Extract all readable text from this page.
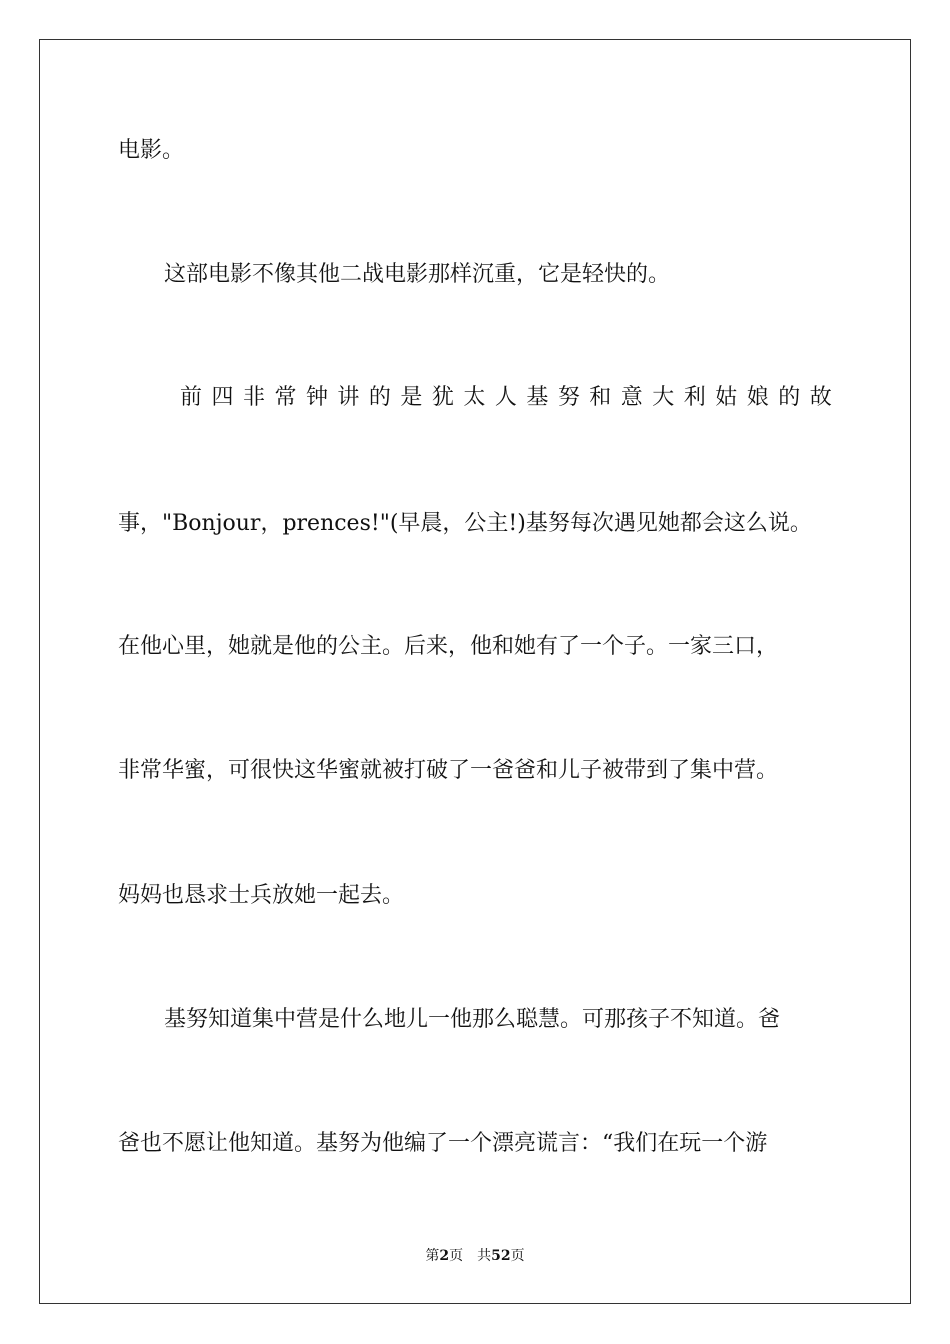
电影。
这部电影不像其他二战电影那样沉重，它是轻快的。
前 四 非 常 钟 讲 的 是 犹 太 人 基 努 和 意 大 利 姑 娘 的 故
事，"Bonjour，prences!"(早晨，公主!)基努每次遇见她都会这么说。
在他心里，她就是他的公主。后来，他和她有了一个子。一家三口，
非常华蜜，可很快这华蜜就被打破了一爸爸和儿子被带到了集中营。
妈妈也恳求士兵放她一起去。
基努知道集中营是什么地儿一他那么聪慧。可那孩子不知道。爸
爸也不愿让他知道。基努为他编了一个漂亮谎言：“我们在玩一个游
第2页 共52页
